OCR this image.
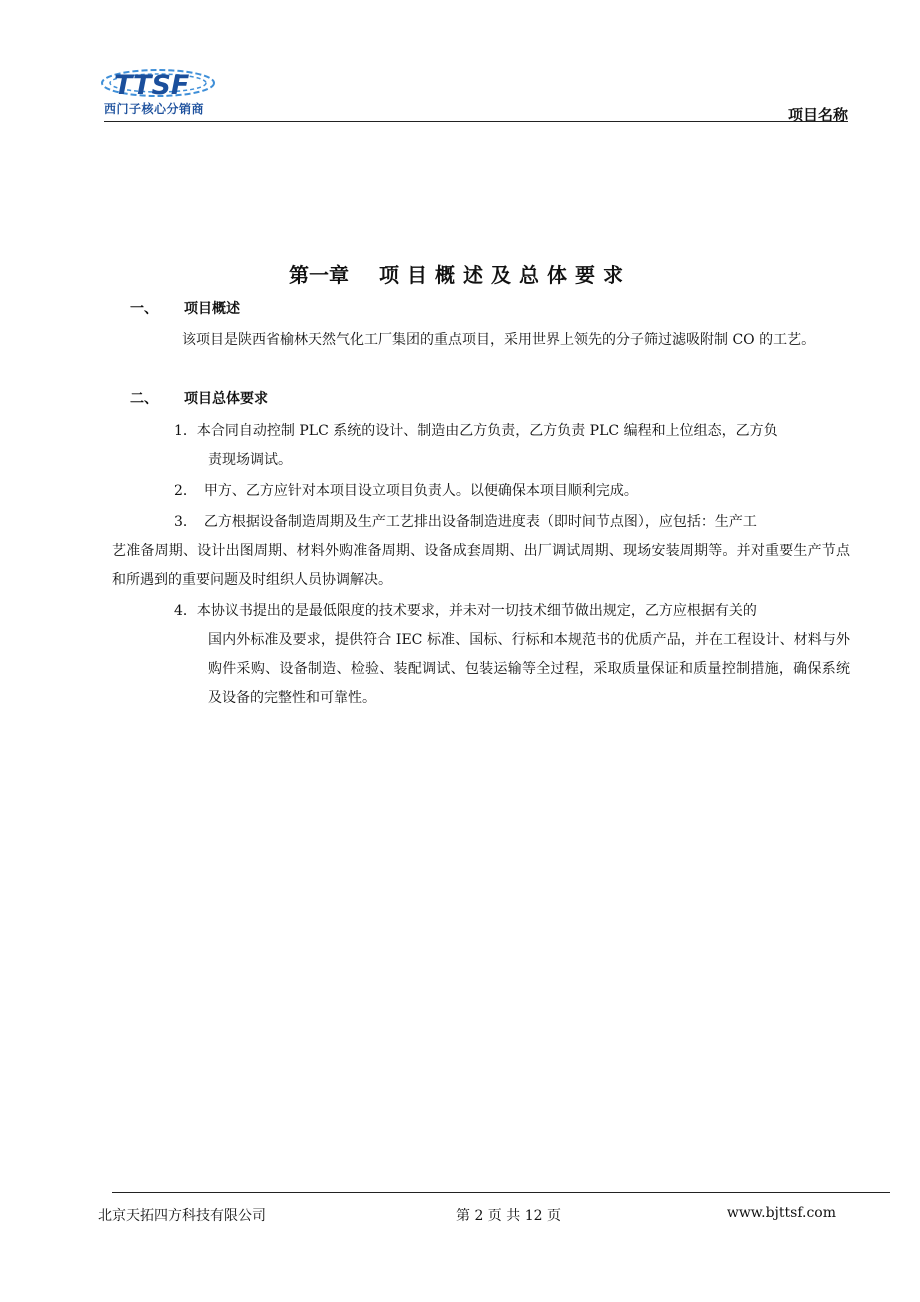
TTSF
西门子核心分销商	项目名称
第一章 项目概述及总体要求
一、 项目概述
该项目是陕西省榆林天然气化工厂集团的重点项目，采用世界上领先的分子筛过滤吸附制 CO 的工艺。
二、 项目总体要求
1．本合同自动控制 PLC 系统的设计、制造由乙方负责，乙方负责 PLC 编程和上位组态，乙方负
责现场调试。
2．　甲方、乙方应针对本项目设立项目负责人。以便确保本项目顺利完成。
3．　乙方根据设备制造周期及生产工艺排出设备制造进度表（即时间节点图），应包括：生产工
艺准备周期、设计出图周期、材料外购准备周期、设备成套周期、出厂调试周期、现场安装周期等。并对重要生产节点和所遇到的重要问题及时组织人员协调解决。
4．本协议书提出的是最低限度的技术要求，并未对一切技术细节做出规定，乙方应根据有关的
国内外标准及要求，提供符合 IEC 标准、国标、行标和本规范书的优质产品，并在工程设计、材料与外购件采购、设备制造、检验、装配调试、包装运输等全过程，采取质量保证和质量控制措施，确保系统及设备的完整性和可靠性。
北京天拓四方科技有限公司	第 2 页 共 12 页	www.bjttsf.com
